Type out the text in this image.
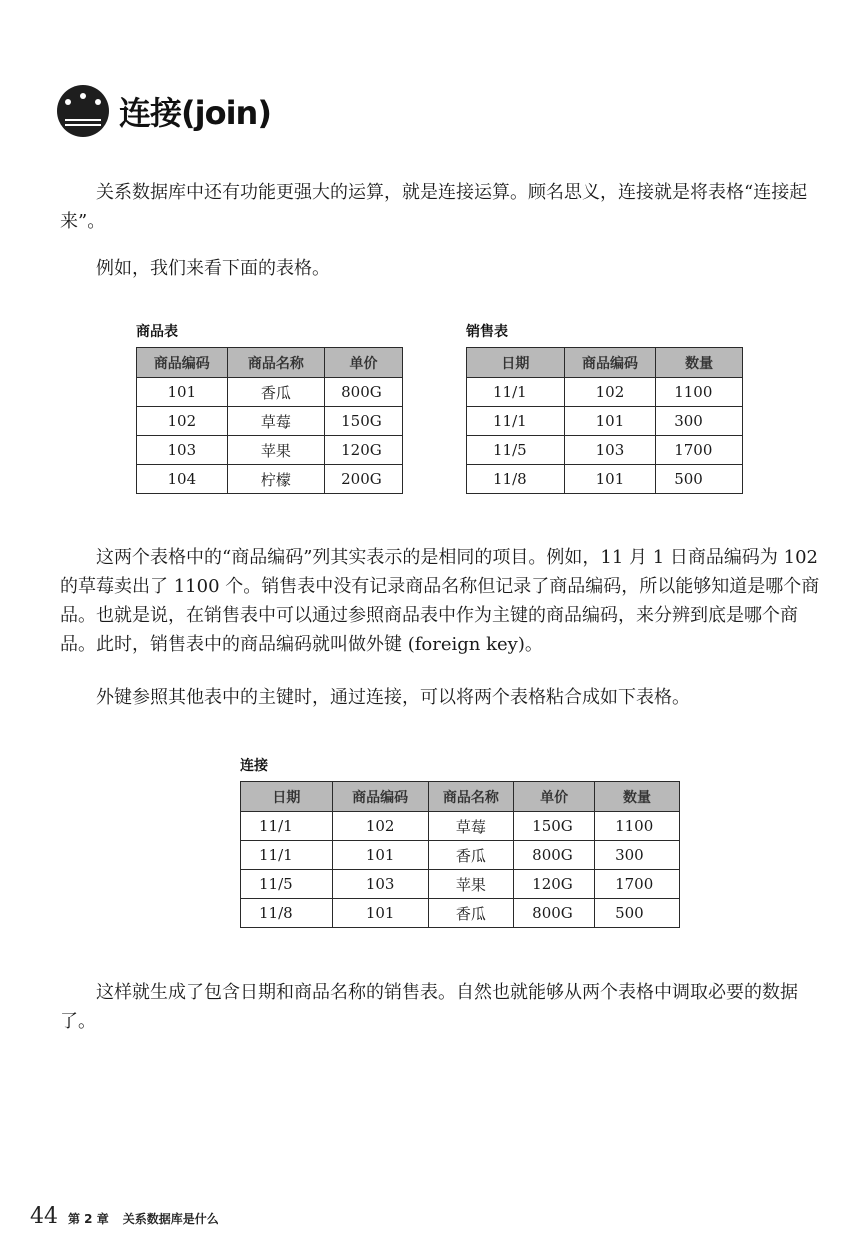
连接(join)

关系数据库中还有功能更强大的运算，就是连接运算。顾名思义，连接就是将表格“连接起来”。

例如，我们来看下面的表格。

商品表
商品编码	商品名称	单价
101	香瓜	800G
102	草莓	150G
103	苹果	120G
104	柠檬	200G
销售表
日期	商品编码	数量
11/1	102	1100
11/1	101	300
11/5	103	1700
11/8	101	500

这两个表格中的“商品编码”列其实表示的是相同的项目。例如，11 月 1 日商品编码为 102 的草莓卖出了 1100 个。销售表中没有记录商品名称但记录了商品编码，所以能够知道是哪个商品。也就是说，在销售表中可以通过参照商品表中作为主键的商品编码，来分辨到底是哪个商品。此时，销售表中的商品编码就叫做外键 (foreign key)。

外键参照其他表中的主键时，通过连接，可以将两个表格粘合成如下表格。

连接
日期	商品编码	商品名称	单价	数量
11/1	102	草莓	150G	1100
11/1	101	香瓜	800G	300
11/5	103	苹果	120G	1700
11/8	101	香瓜	800G	500

这样就生成了包含日期和商品名称的销售表。自然也就能够从两个表格中调取必要的数据了。

44 第 2 章 关系数据库是什么
